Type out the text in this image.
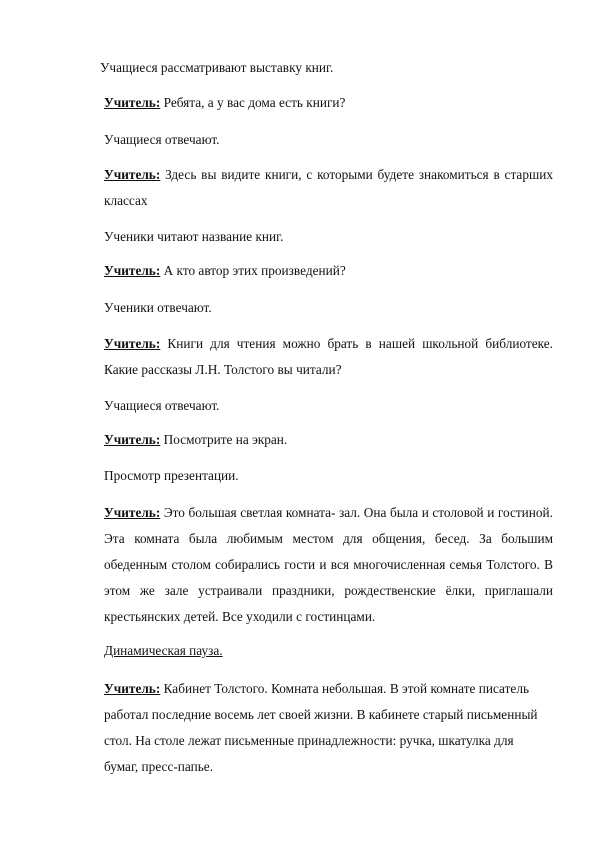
Учащиеся рассматривают выставку книг.

Учитель: Ребята, а у вас дома есть книги?

Учащиеся отвечают.

Учитель: Здесь вы видите книги, с которыми будете знакомиться в старших классах

Ученики читают название книг.

Учитель: А кто автор этих произведений?

Ученики отвечают.

Учитель: Книги для чтения можно брать в нашей школьной библиотеке. Какие рассказы Л.Н. Толстого вы читали?

Учащиеся отвечают.

Учитель: Посмотрите на экран.

Просмотр презентации.

Учитель: Это большая светлая комната- зал. Она была и столовой и гостиной. Эта комната была любимым местом для общения, бесед. За большим обеденным столом собирались гости и вся многочисленная семья Толстого. В этом же зале устраивали праздники, рождественские ёлки, приглашали крестьянских детей. Все уходили с гостинцами.

Динамическая пауза.

Учитель: Кабинет Толстого. Комната небольшая. В этой комнате писатель работал последние восемь лет своей жизни. В кабинете старый письменный стол. На столе лежат письменные принадлежности: ручка, шкатулка для бумаг, пресс-папье.
